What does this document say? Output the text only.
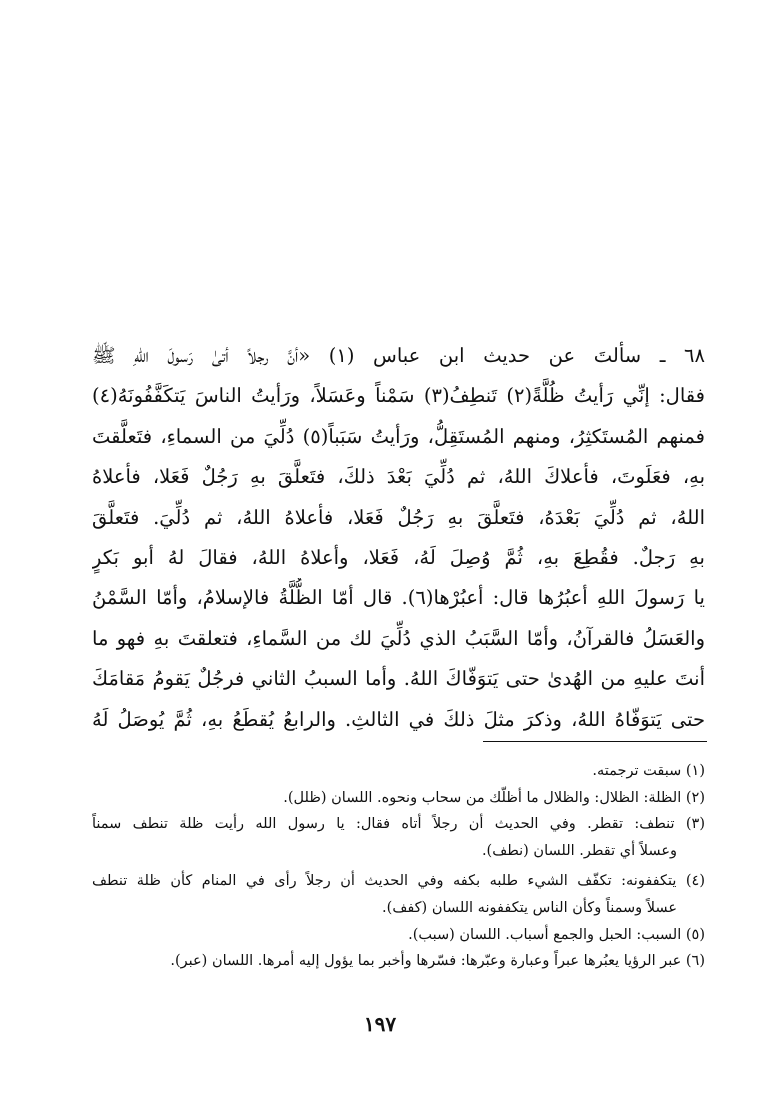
٦٨ ـ سألتَ عن حديث ابن عباس (١) «أنَّ رجلاً أتىٰ رَسولَ اللهِ ﷺ
فقال: إنِّي رَأيتُ ظُلَّةً(٢) تَنطِفُ(٣) سَمْناً وعَسَلاً، ورَأيتُ الناسَ يَتكَفَّفُونَهُ(٤)
فمنهم المُستَكثِرُ، ومنهم المُستَقِلُّ، ورَأيتُ سَبَباً(٥) دُلِّيَ من السماءِ، فتَعلَّقتَ
بهِ، فعَلَوتَ، فأعلاكَ اللهُ، ثم دُلِّيَ بَعْدَ ذلكَ، فتَعلَّقَ بهِ رَجُلٌ فَعَلا، فأعلاهُ
اللهُ، ثم دُلِّيَ بَعْدَهُ، فتَعلَّقَ بهِ رَجُلٌ فَعَلا، فأعلاهُ اللهُ، ثم دُلِّيَ. فتَعلَّقَ
بهِ رَجلٌ. فقُطِعَ بهِ، ثُمَّ وُصِلَ لَهُ، فَعَلا، وأعلاهُ اللهُ، فقالَ لهُ أبو بَكرٍ
يا رَسولَ اللهِ أعبُرُها قال: أعبُرْها(٦). قال أمّا الظُّلَّةُ فالإسلامُ، وأمّا السَّمْنُ
والعَسَلُ فالقرآنُ، وأمّا السَّبَبُ الذي دُلِّيَ لك من السَّماءِ، فتعلقتَ بهِ فهو ما
أنتَ عليهِ من الهُدىٰ حتى يَتوَفّاكَ اللهُ. وأما السببُ الثاني فرجُلٌ يَقومُ مَقامَكَ
حتى يَتوَفّاهُ اللهُ، وذكرَ مثلَ ذلكَ في الثالثِ. والرابعُ يُقطَعُ بهِ، ثُمَّ يُوصَلُ لَهُ
(١) سبقت ترجمته.
(٢) الظلة: الظلال: والظلال ما أظلّك من سحاب ونحوه. اللسان (ظلل).
(٣) تنطف: تقطر. وفي الحديث أن رجلاً أتاه فقال: يا رسول الله رأيت ظلة تنطف سمناً
وعسلاً أي تقطر. اللسان (نطف).
(٤) يتكففونه: تكفّف الشيء طلبه بكفه وفي الحديث أن رجلاً رأى في المنام كأن ظلة تنطف
عسلاً وسمناً وكأن الناس يتكففونه اللسان (كفف).
(٥) السبب: الحبل والجمع أسباب. اللسان (سبب).
(٦) عبر الرؤيا يعبُرها عبراً وعبارة وعبّرها: فسّرها وأخبر بما يؤول إليه أمرها. اللسان (عبر).
١٩٧
